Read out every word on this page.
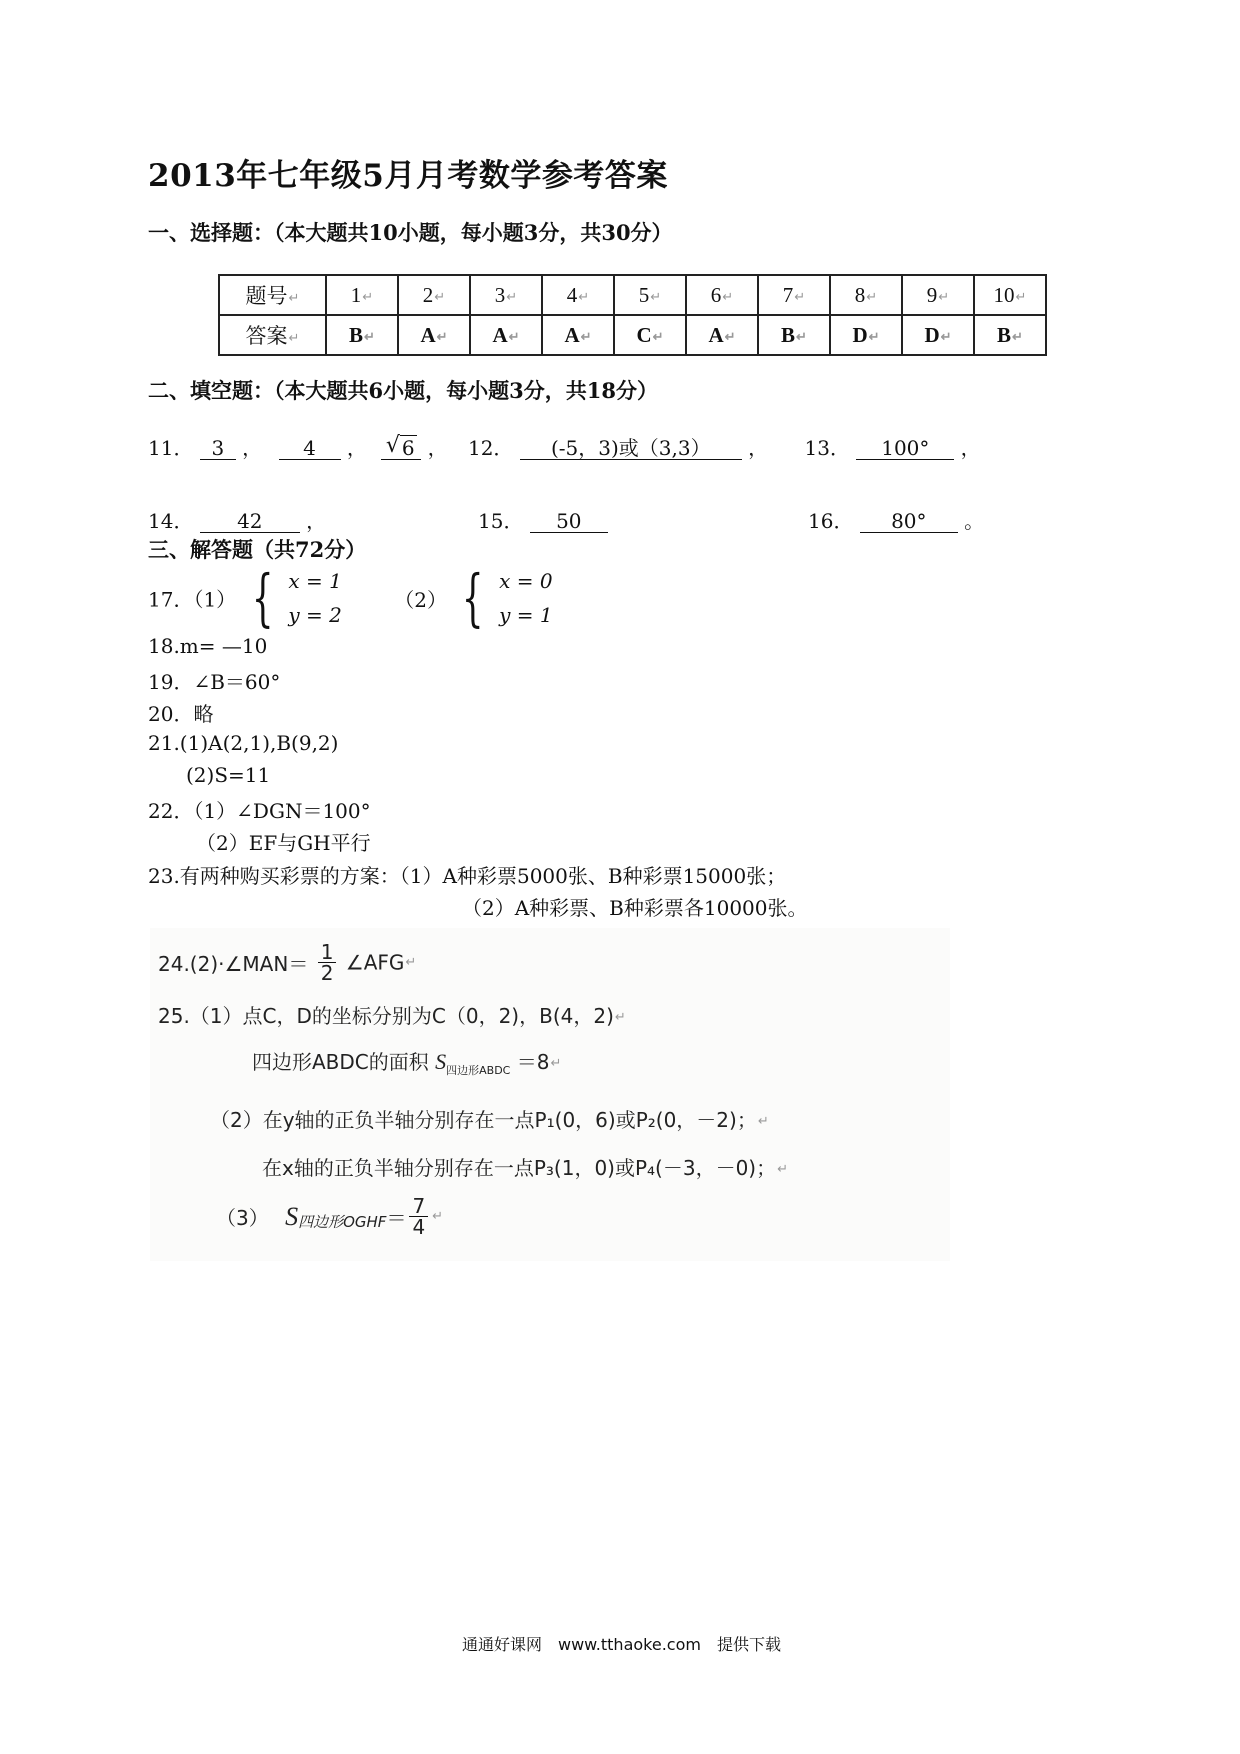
2013年七年级5月月考数学参考答案
一、选择题：（本大题共10小题，每小题3分，共30分）
题号↵	1↵	2↵	3↵	4↵	5↵	6↵	7↵	8↵	9↵	10↵
答案↵	B↵	A↵	A↵	A↵	C↵	A↵	B↵	D↵	D↵	B↵
二、填空题：（本大题共6小题，每小题3分，共18分）
11． 3 ， 4 ， √ 6 ， 12． (-5，3)或（3,3） ， 13． 100° ，
14． 42 ，	15． 50	16． 80° 。
三、解答题（共72分）
17．（1） { x = 1
y = 2
（2） { x = 0
y = 1
18.m= —10
19．∠B＝60°
20．略
21.(1)A(2,1),B(9,2)
(2)S=11
22．（1）∠DGN＝100°
（2）EF与GH平行
23.有两种购买彩票的方案：（1）A种彩票5000张、B种彩票15000张；
（2）A种彩票、B种彩票各10000张。
24.(2)·∠MAN＝ $\frac{1}{2}$ ∠AFG↵
25.（1）点C，D的坐标分别为C（0，2)，B(4，2)↵
四边形ABDC的面积 $S_{四边形ABDC}$ ＝8↵
（2）在y轴的正负半轴分别存在一点P₁(0，6)或P₂(0，－2)；↵
在x轴的正负半轴分别存在一点P₃(1，0)或P₄(－3，－0)；↵
（3） $S_{四边形OGHF}= \frac{7}{4}$ ↵
通通好课网　www.tthaoke.com　提供下载
